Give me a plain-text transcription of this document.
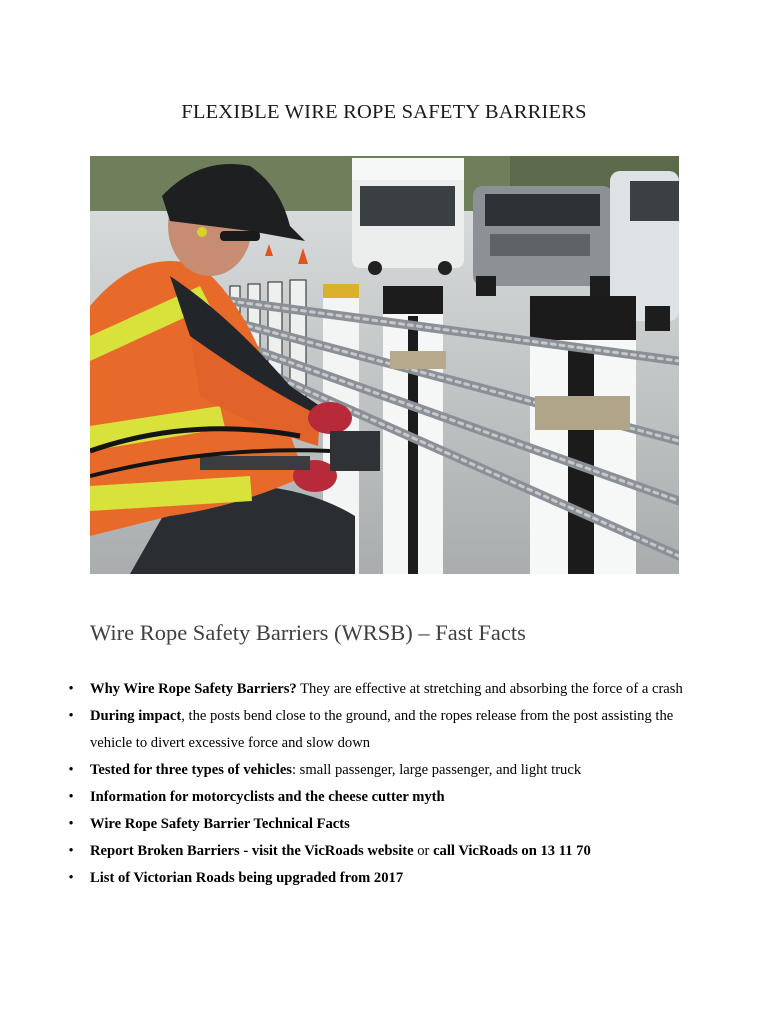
FLEXIBLE WIRE ROPE SAFETY BARRIERS
Wire Rope Safety Barriers (WRSB) – Fast Facts
• Why Wire Rope Safety Barriers? They are effective at stretching and absorbing the force of a crash
• During impact, the posts bend close to the ground, and the ropes release from the post assisting the vehicle to divert excessive force and slow down
• Tested for three types of vehicles: small passenger, large passenger, and light truck
• Information for motorcyclists and the cheese cutter myth
• Wire Rope Safety Barrier Technical Facts
• Report Broken Barriers - visit the VicRoads website or call VicRoads on 13 11 70
• List of Victorian Roads being upgraded from 2017
